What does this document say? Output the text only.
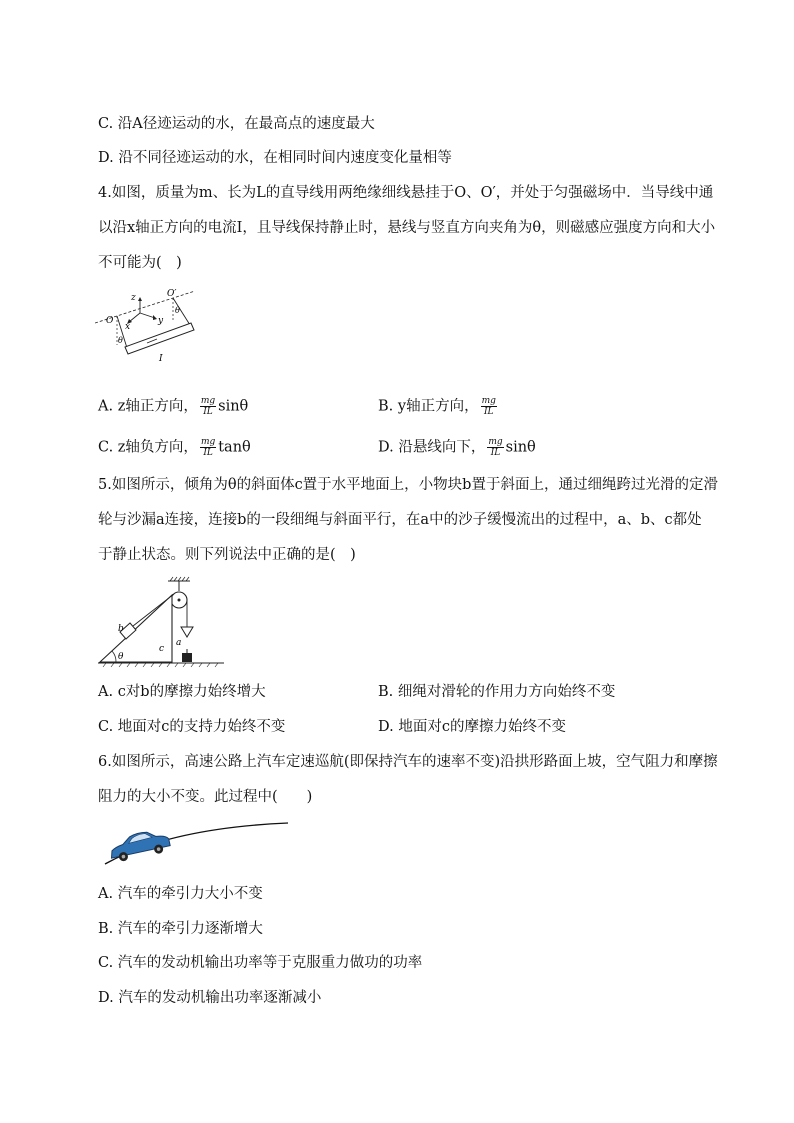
C. 沿A径迹运动的水，在最高点的速度最大
D. 沿不同径迹运动的水，在相同时间内速度变化量相等
4.如图，质量为m、长为L的直导线用两绝缘细线悬挂于O、O′，并处于匀强磁场中．当导线中通
以沿x轴正方向的电流I，且导线保持静止时，悬线与竖直方向夹角为θ，则磁感应强度方向和大小
不可能为(　)
z	O′
O
x
y
θ
θ
I
A. z轴正方向， $\frac{mg}{IL}$ sinθ	B. y轴正方向， $\frac{mg}{IL}$
C. z轴负方向， $\frac{mg}{IL}$ tanθ	D. 沿悬线向下， $\frac{mg}{IL}$ sinθ
5.如图所示，倾角为θ的斜面体c置于水平地面上，小物块b置于斜面上，通过细绳跨过光滑的定滑
轮与沙漏a连接，连接b的一段细绳与斜面平行，在a中的沙子缓慢流出的过程中，a、b、c都处
于静止状态。则下列说法中正确的是(　)
θ
b
c
a
A. c对b的摩擦力始终增大	B. 细绳对滑轮的作用力方向始终不变
C. 地面对c的支持力始终不变	D. 地面对c的摩擦力始终不变
6.如图所示，高速公路上汽车定速巡航(即保持汽车的速率不变)沿拱形路面上坡，空气阻力和摩擦
阻力的大小不变。此过程中(　　)
A. 汽车的牵引力大小不变
B. 汽车的牵引力逐渐增大
C. 汽车的发动机输出功率等于克服重力做功的功率
D. 汽车的发动机输出功率逐渐减小
